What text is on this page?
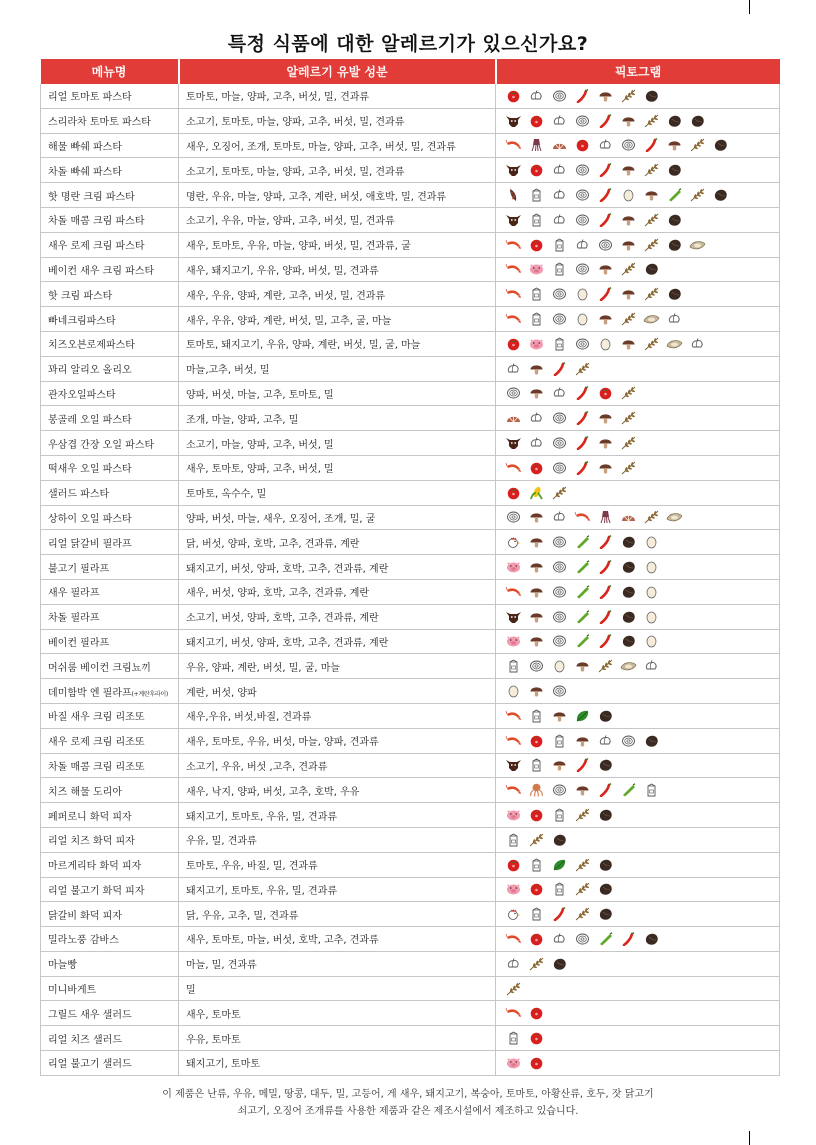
특정 식품에 대한 알레르기가 있으신가요?
메뉴명	알레르기 유발 성분	픽토그램
리얼 토마토 파스타	토마토, 마늘, 양파, 고추, 버섯, 밀, 견과류	

스리라차 토마토 파스타	소고기, 토마토, 마늘, 양파, 고추, 버섯, 밀, 견과류	

해물 빠쉐 파스타	새우, 오징어, 조개, 토마토, 마늘, 양파, 고추, 버섯, 밀, 견과류	

차돌 빠쉐 파스타	소고기, 토마토, 마늘, 양파, 고추, 버섯, 밀, 견과류	

핫 명란 크림 파스타	명란, 우유, 마늘, 양파, 고추, 계란, 버섯, 애호박, 밀, 견과류	

차돌 매콤 크림 파스타	소고기, 우유, 마늘, 양파, 고추, 버섯, 밀, 견과류	

새우 로제 크림 파스타	새우, 토마토, 우유, 마늘, 양파, 버섯, 밀, 견과류, 굴	

베이컨 새우 크림 파스타	새우, 돼지고기, 우유, 양파, 버섯, 밀, 견과류	

핫 크림 파스타	새우, 우유, 양파, 계란, 고추, 버섯, 밀, 견과류	

빠네크림파스타	새우, 우유, 양파, 계란, 버섯, 밀, 고추, 굴, 마늘	

치즈오븐로제파스타	토마토, 돼지고기, 우유, 양파, 계란, 버섯, 밀, 굴, 마늘	

꽈리 알리오 올리오	마늘,고추, 버섯, 밀	

관자오일파스타	양파, 버섯, 마늘, 고추, 토마토, 밀	

봉골레 오일 파스타	조개, 마늘, 양파, 고추, 밀	

우삼겹 간장 오일 파스타	소고기, 마늘, 양파, 고추, 버섯, 밀	

떡새우 오일 파스타	새우, 토마토, 양파, 고추, 버섯, 밀	

샐러드 파스타	토마토, 옥수수, 밀	

상하이 오일 파스타	양파, 버섯, 마늘, 새우, 오징어, 조개, 밀, 굴	

리얼 닭갈비 필라프	닭, 버섯, 양파, 호박, 고추, 견과류, 계란	

불고기 필라프	돼지고기, 버섯, 양파, 호박, 고추, 견과류, 계란	

새우 필라프	새우, 버섯, 양파, 호박, 고추, 견과류, 계란	

차돌 필라프	소고기, 버섯, 양파, 호박, 고추, 견과류, 계란	

베이컨 필라프	돼지고기, 버섯, 양파, 호박, 고추, 견과류, 계란	

머쉬룸 베이컨 크림뇨끼	우유, 양파, 계란, 버섯, 밀, 굴, 마늘	

데미함박 엔 필라프(+계란후라이)	계란, 버섯, 양파	

바질 새우 크림 리조또	새우,우유, 버섯,바질, 견과류	

새우 로제 크림 리조또	새우, 토마토, 우유, 버섯, 마늘, 양파, 견과류	

차돌 매콤 크림 리조또	소고기, 우유, 버섯 ,고추, 견과류	

치즈 해물 도리아	새우, 낙지, 양파, 버섯, 고추, 호박, 우유	

페퍼로니 화덕 피자	돼지고기, 토마토, 우유, 밀, 견과류	

리얼 치즈 화덕 피자	우유, 밀, 견과류	

마르게리타 화덕 피자	토마토, 우유, 바질, 밀, 견과류	

리얼 불고기 화덕 피자	돼지고기, 토마토, 우유, 밀, 견과류	

닭갈비 화덕 피자	닭, 우유, 고추, 밀, 견과류	

밀라노풍 감바스	새우, 토마토, 마늘, 버섯, 호박, 고추, 견과류	

마늘빵	마늘, 밀, 견과류	

미니바게트	밀	

그릴드 새우 샐러드	새우, 토마토	

리얼 치즈 샐러드	우유, 토마토	

리얼 불고기 샐러드	돼지고기, 토마토	
이 제품은 난류, 우유, 메밀, 땅콩, 대두, 밀, 고등어, 게 새우, 돼지고기, 복숭아, 토마토, 아황산류, 호두, 잣 닭고기
쇠고기, 오징어 조개류를 사용한 제품과 같은 제조시설에서 제조하고 있습니다.
